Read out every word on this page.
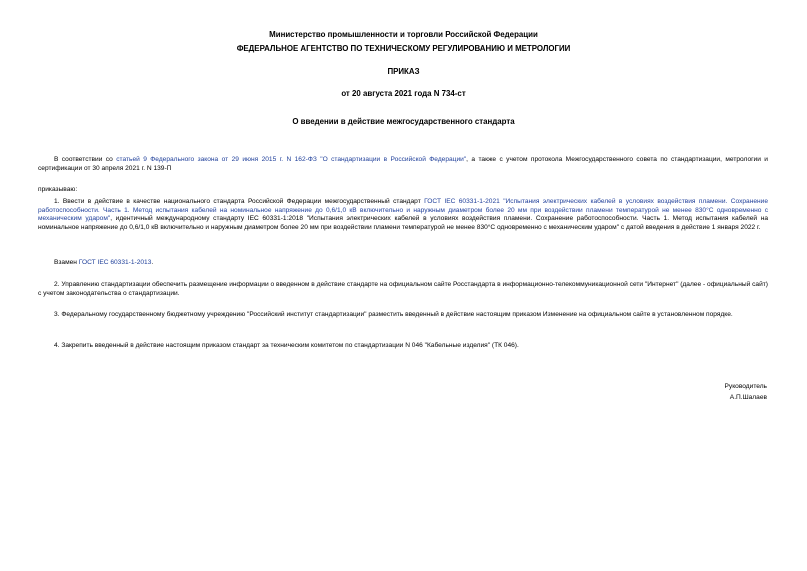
Министерство промышленности и торговли Российской Федерации
ФЕДЕРАЛЬНОЕ АГЕНТСТВО ПО ТЕХНИЧЕСКОМУ РЕГУЛИРОВАНИЮ И МЕТРОЛОГИИ
ПРИКАЗ
от 20 августа 2021 года N 734-ст
О введении в действие межгосударственного стандарта

В соответствии со статьей 9 Федерального закона от 29 июня 2015 г. N 162-ФЗ "О стандартизации в Российской Федерации", а также с учетом протокола Межгосударственного совета по стандартизации, метрологии и сертификации от 30 апреля 2021 г. N 139-П

приказываю:

1. Ввести в действие в качестве национального стандарта Российской Федерации межгосударственный стандарт ГОСТ IEC 60331-1-2021 "Испытания электрических кабелей в условиях воздействия пламени. Сохранение работоспособности. Часть 1. Метод испытания кабелей на номинальное напряжение до 0,6/1,0 кВ включительно и наружным диаметром более 20 мм при воздействии пламени температурой не менее 830°С одновременно с механическим ударом", идентичный международному стандарту IEC 60331-1:2018 "Испытания электрических кабелей в условиях воздействия пламени. Сохранение работоспособности. Часть 1. Метод испытания кабелей на номинальное напряжение до 0,6/1,0 кВ включительно и наружным диаметром более 20 мм при воздействии пламени температурой не менее 830°С одновременно с механическим ударом" с датой введения в действие 1 января 2022 г.

Взамен ГОСТ IEC 60331-1-2013.

2. Управлению стандартизации обеспечить размещение информации о введенном в действие стандарте на официальном сайте Росстандарта в информационно-телекоммуникационной сети "Интернет" (далее - официальный сайт) с учетом законодательства о стандартизации.

3. Федеральному государственному бюджетному учреждению "Российский институт стандартизации" разместить введенный в действие настоящим приказом Изменение на официальном сайте в установленном порядке.

4. Закрепить введенный в действие настоящим приказом стандарт за техническим комитетом по стандартизации N 046 "Кабельные изделия" (ТК 046).

Руководитель
А.П.Шалаев
